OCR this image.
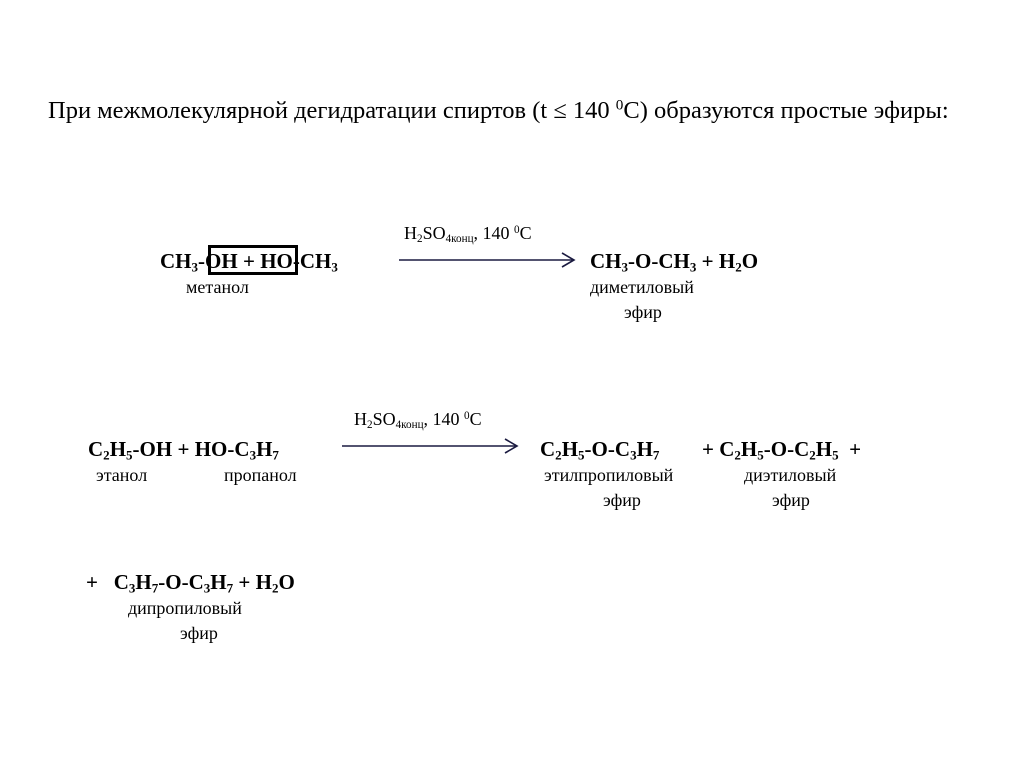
При межмолекулярной дегидратации спиртов (t ≤ 140 $^0$С) образуются простые эфиры:
$H_2SO_{4конц}$, 140 $^0$C
$CH_3-OH + HO-CH_3$	$CH_3-O-CH_3 + H_2O$
метанол	диметиловый
эфир
$H_2SO_{4конц}$, 140 $^0$C
$C_2H_5-OH + HO-C_3H_7$	$C_2H_5-O-C_3H_7 + C_2H_5-O-C_2H_5$ +
этанол	пропанол	этилпропиловый
эфир
диэтиловый
эфир
+ $C_3H_7-O-C_3H_7 + H_2O$
дипропиловый
эфир
